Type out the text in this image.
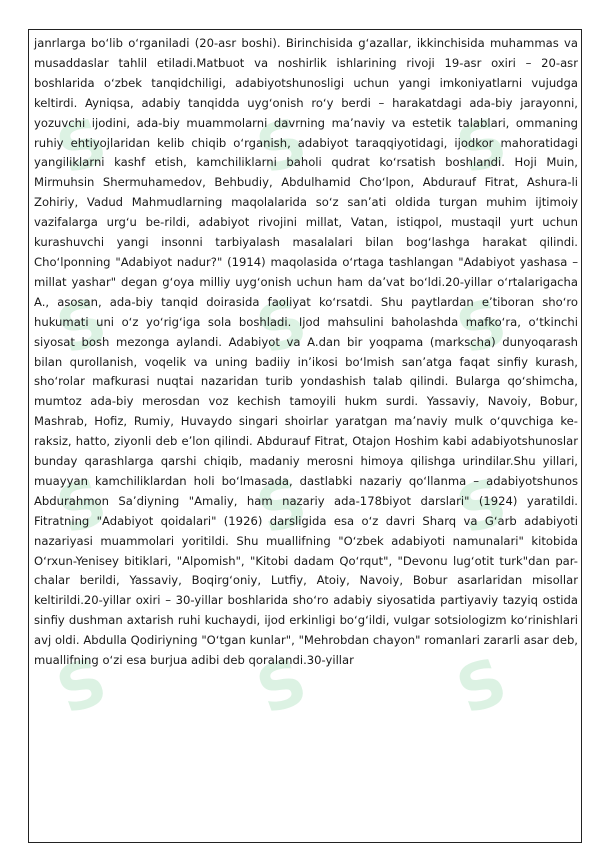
S S S
S S S
S S S
S S S

janrlarga boʻlib oʻrganiladi (20-asr boshi). Birinchisida gʻazallar, ikkinchisida muhammas va musaddaslar tahlil etiladi.Matbuot va noshirlik ishlarining rivoji 19-asr oxiri – 20-asr boshlarida oʻzbek tanqidchiligi, adabiyotshunosligi uchun yangi imkoniyatlarni vujudga keltirdi. Ayniqsa, adabiy tanqidda uygʻonish roʻy berdi – harakatdagi ada-biy jarayonni, yozuvchi ijodini, ada-biy muammolarni davrning maʼnaviy va estetik talablari, ommaning ruhiy ehtiyojlaridan kelib chiqib oʻrganish, adabiyot taraqqiyotidagi, ijodkor mahoratidagi yangiliklarni kashf etish, kamchiliklarni baholi qudrat koʻrsatish boshlandi. Hoji Muin, Mirmuhsin Shermuhamedov, Behbudiy, Abdulhamid Choʻlpon, Abdurauf Fitrat, Ashura-li Zohiriy, Vadud Mahmudlarning maqolalarida soʻz sanʼati oldida turgan muhim ijtimoiy vazifalarga urgʻu be-rildi, adabiyot rivojini millat, Vatan, istiqpol, mustaqil yurt uchun kurashuvchi yangi insonni tarbiyalash masalalari bilan bogʻlashga harakat qilindi. Choʻlponning "Adabiyot nadur?" (1914) maqolasida oʻrtaga tashlangan "Adabiyot yashasa – millat yashar" degan gʻoya milliy uygʻonish uchun ham daʼvat boʻldi.20-yillar oʻrtalarigacha A., asosan, ada-biy tanqid doirasida faoliyat koʻrsatdi. Shu paytlardan eʼtiboran shoʻro hukumati uni oʻz yoʻrigʻiga sola boshladi. Ijod mahsulini baholashda mafkoʻra, oʻtkinchi siyosat bosh mezonga aylandi. Adabiyot va A.dan bir yoqpama (markscha) dunyoqarash bilan qurollanish, voqelik va uning badiiy inʼikosi boʻlmish sanʼatga faqat sinfiy kurash, shoʻrolar mafkurasi nuqtai nazaridan turib yondashish talab qilindi. Bularga qoʻshimcha, mumtoz ada-biy merosdan voz kechish tamoyili hukm surdi. Yassaviy, Navoiy, Bobur, Mashrab, Hofiz, Rumiy, Huvaydo singari shoirlar yaratgan maʼnaviy mulk oʻquvchiga ke-raksiz, hatto, ziyonli deb eʼlon qilindi. Abdurauf Fitrat, Otajon Hoshim kabi adabiyotshunoslar bunday qarashlarga qarshi chiqib, madaniy merosni himoya qilishga urindilar.Shu yillari, muayyan kamchiliklardan holi boʻlmasada, dastlabki nazariy qoʻllanma – adabiyotshunos Abdurahmon Saʼdiyning "Amaliy, ham nazariy ada-178biyot darslari" (1924) yaratildi. Fitratning "Adabiyot qoidalari" (1926) darsligida esa oʻz davri Sharq va Gʻarb adabiyoti nazariyasi muammolari yoritildi. Shu muallifning "Oʻzbek adabiyoti namunalari" kitobida Oʻrxun-Yenisey bitiklari, "Alpomish", "Kitobi dadam Qoʻrqut", "Devonu lugʻotit turk"dan par-chalar berildi, Yassaviy, Boqirgʻoniy, Lutfiy, Atoiy, Navoiy, Bobur asarlaridan misollar keltirildi.20-yillar oxiri – 30-yillar boshlarida shoʻro adabiy siyosatida partiyaviy tazyiq ostida sinfiy dushman axtarish ruhi kuchaydi, ijod erkinligi boʻgʻildi, vulgar sotsiologizm koʻrinishlari avj oldi. Abdulla Qodiriyning "Oʻtgan kunlar", "Mehrobdan chayon" romanlari zararli asar deb, muallifning oʻzi esa burjua adibi deb qoralandi.30-yillar
